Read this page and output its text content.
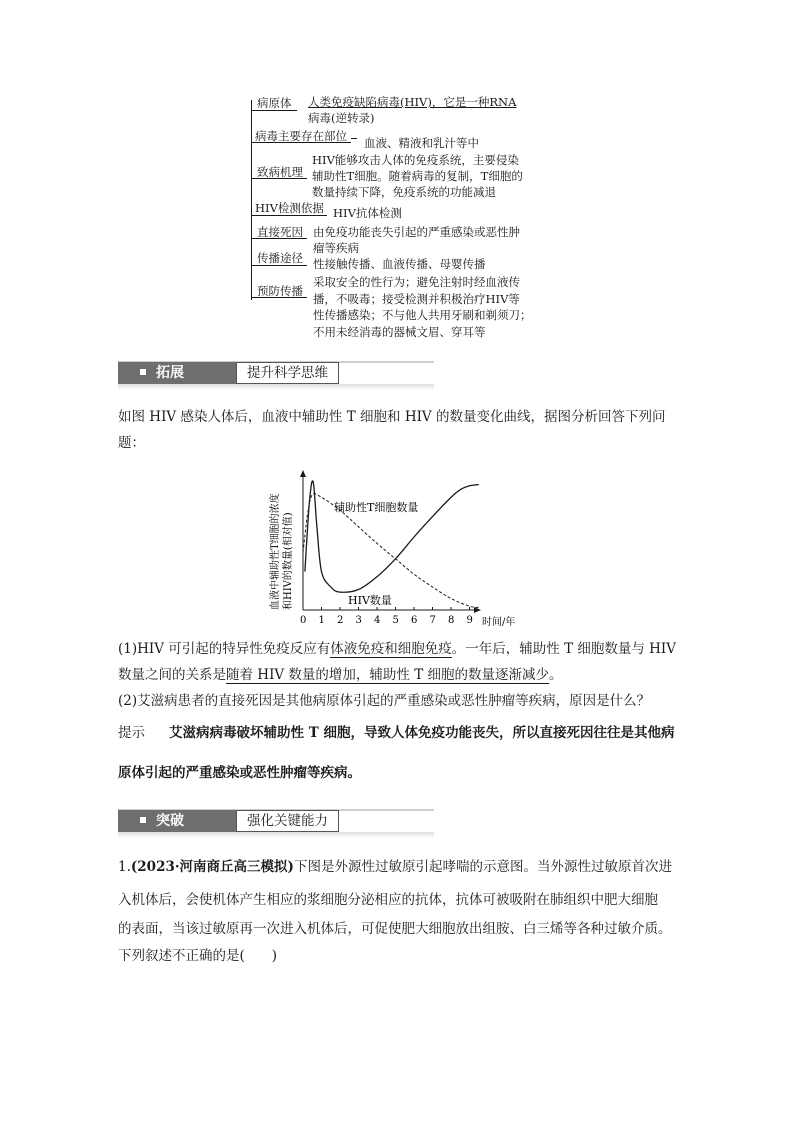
病原体 人类免疫缺陷病毒(HIV)，它是一种RNA
病毒(逆转录)
病毒主要存在部位 血液、精液和乳汁等中
致病机理
HIV能够攻击人体的免疫系统，主要侵染
辅助性T细胞。随着病毒的复制，T细胞的
数量持续下降，免疫系统的功能减退
HIV检测依据 HIV抗体检测
直接死因 由免疫功能丧失引起的严重感染或恶性肿
瘤等疾病
传播途径 性接触传播、血液传播、母婴传播
预防传播
采取安全的性行为；避免注射时经血液传
播，不吸毒；接受检测并积极治疗HIV等
性传播感染；不与他人共用牙刷和剃须刀；
不用未经消毒的器械文眉、穿耳等
拓展	提升科学思维
如图 HIV 感染人体后，血液中辅助性 T 细胞和 HIV 的数量变化曲线，据图分析回答下列问
题：
血液中辅助性T细胞的浓度 和HIV的数量(相对值)
0 1 2 3 4 5 6 7 8 9 时间/年
辅助性T细胞数量
HIV数量
(1)HIV 可引起的特异性免疫反应有体液免疫和细胞免疫。一年后，辅助性 T 细胞数量与 HIV
数量之间的关系是随着 HIV 数量的增加，辅助性 T 细胞的数量逐渐减少。
(2)艾滋病患者的直接死因是其他病原体引起的严重感染或恶性肿瘤等疾病，原因是什么？
提示 艾滋病病毒破坏辅助性 T 细胞，导致人体免疫功能丧失，所以直接死因往往是其他病
原体引起的严重感染或恶性肿瘤等疾病。
突破	强化关键能力
1.(2023·河南商丘高三模拟)下图是外源性过敏原引起哮喘的示意图。当外源性过敏原首次进
入机体后，会使机体产生相应的浆细胞分泌相应的抗体，抗体可被吸附在肺组织中肥大细胞
的表面，当该过敏原再一次进入机体后，可促使肥大细胞放出组胺、白三烯等各种过敏介质。
下列叙述不正确的是(　　)
